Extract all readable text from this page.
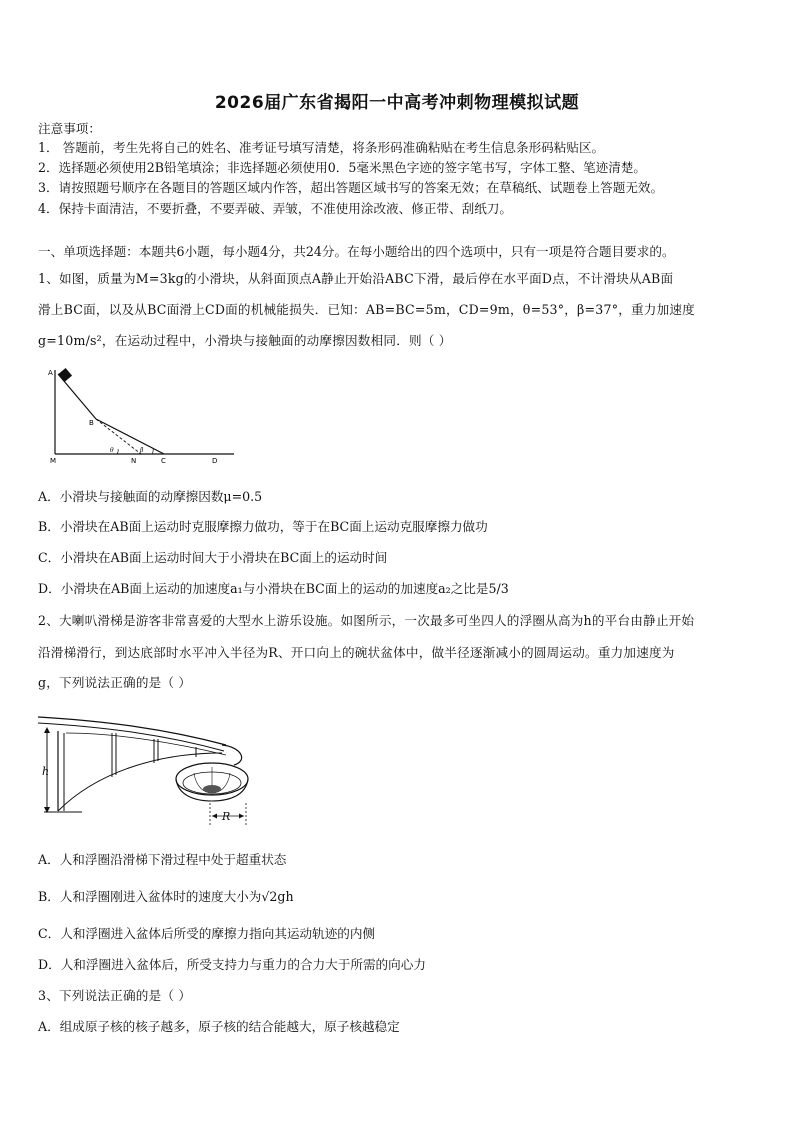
2026届广东省揭阳一中高考冲刺物理模拟试题
注意事项：
1． 答题前，考生先将自己的姓名、准考证号填写清楚，将条形码准确粘贴在考生信息条形码粘贴区。
2．选择题必须使用2B铅笔填涂；非选择题必须使用0．5毫米黑色字迹的签字笔书写，字体工整、笔迹清楚。
3．请按照题号顺序在各题目的答题区域内作答，超出答题区域书写的答案无效；在草稿纸、试题卷上答题无效。
4．保持卡面清洁，不要折叠，不要弄破、弄皱，不准使用涂改液、修正带、刮纸刀。
一、单项选择题：本题共6小题，每小题4分，共24分。在每小题给出的四个选项中，只有一项是符合题目要求的。
1、如图，质量为M=3kg的小滑块，从斜面顶点A静止开始沿ABC下滑，最后停在水平面D点，不计滑块从AB面
滑上BC面，以及从BC面滑上CD面的机械能损失．已知：AB=BC=5m，CD=9m，θ=53°，β=37°，重力加速度
g=10m/s²，在运动过程中，小滑块与接触面的动摩擦因数相同．则（ ）
A
B
M	N	C	D
θ	β
A．小滑块与接触面的动摩擦因数μ=0.5
B．小滑块在AB面上运动时克服摩擦力做功，等于在BC面上运动克服摩擦力做功
C．小滑块在AB面上运动时间大于小滑块在BC面上的运动时间
D．小滑块在AB面上运动的加速度a₁与小滑块在BC面上的运动的加速度a₂之比是5/3
2、大喇叭滑梯是游客非常喜爱的大型水上游乐设施。如图所示，一次最多可坐四人的浮圈从高为h的平台由静止开始
沿滑梯滑行，到达底部时水平冲入半径为R、开口向上的碗状盆体中，做半径逐渐减小的圆周运动。重力加速度为
g，下列说法正确的是（ ）
h
R
A．人和浮圈沿滑梯下滑过程中处于超重状态
B．人和浮圈刚进入盆体时的速度大小为√2gh
C．人和浮圈进入盆体后所受的摩擦力指向其运动轨迹的内侧
D．人和浮圈进入盆体后，所受支持力与重力的合力大于所需的向心力
3、下列说法正确的是（ ）
A．组成原子核的核子越多，原子核的结合能越大，原子核越稳定
